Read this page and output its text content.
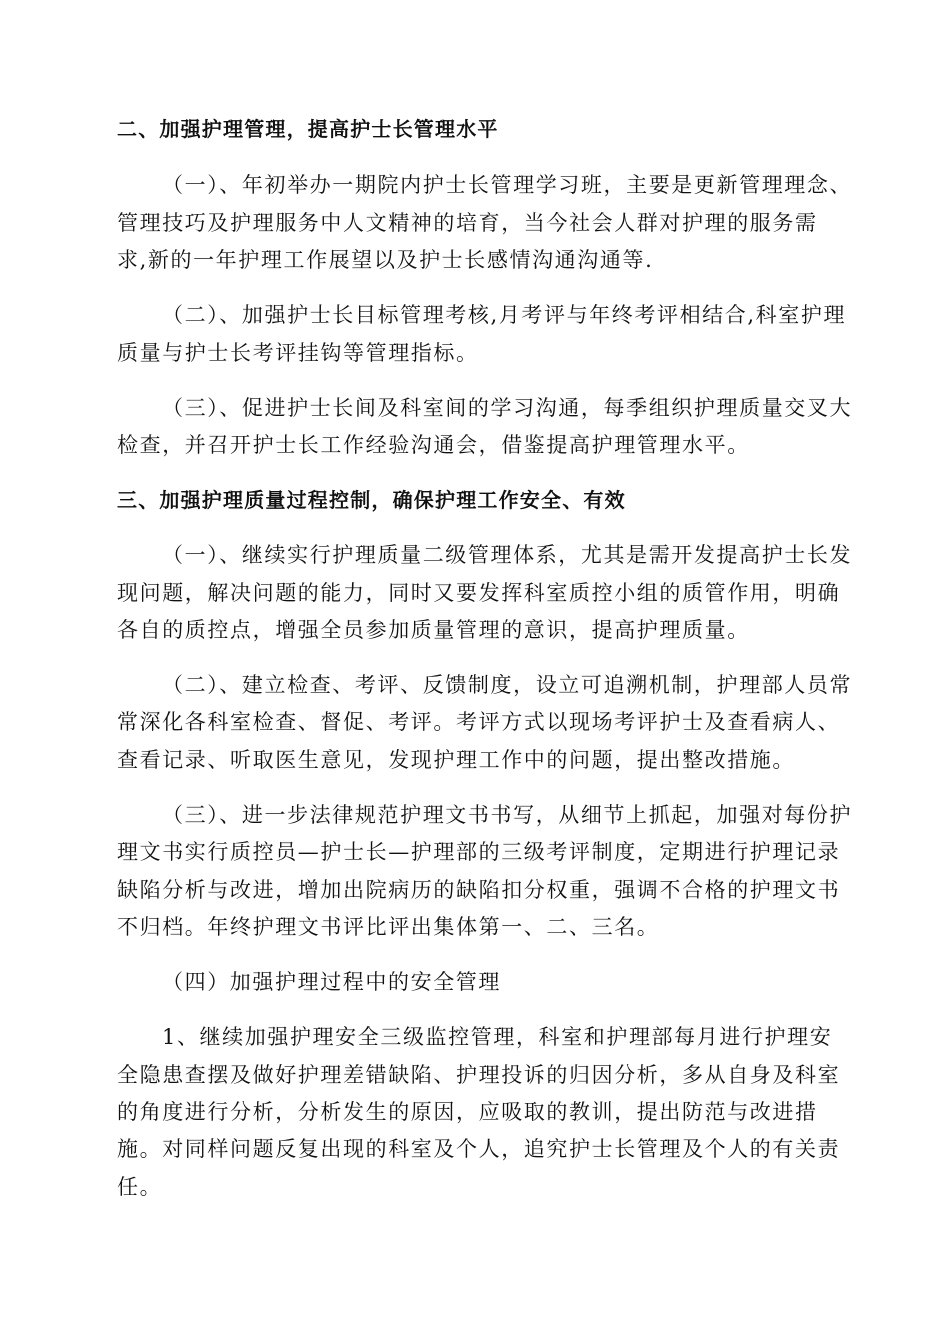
二、加强护理管理，提高护士长管理水平
（一）、年初举办一期院内护士长管理学习班，主要是更新管理理念、
管理技巧及护理服务中人文精神的培育，当今社会人群对护理的服务需
求,新的一年护理工作展望以及护士长感情沟通沟通等.
（二）、加强护士长目标管理考核,月考评与年终考评相结合,科室护理
质量与护士长考评挂钩等管理指标。
（三）、促进护士长间及科室间的学习沟通，每季组织护理质量交叉大
检查，并召开护士长工作经验沟通会，借鉴提高护理管理水平。
三、加强护理质量过程控制，确保护理工作安全、有效
（一）、继续实行护理质量二级管理体系，尤其是需开发提高护士长发
现问题，解决问题的能力，同时又要发挥科室质控小组的质管作用，明确
各自的质控点，增强全员参加质量管理的意识，提高护理质量。
（二）、建立检查、考评、反馈制度，设立可追溯机制，护理部人员常
常深化各科室检查、督促、考评。考评方式以现场考评护士及查看病人、
查看记录、听取医生意见，发现护理工作中的问题，提出整改措施。
（三）、进一步法律规范护理文书书写，从细节上抓起，加强对每份护
理文书实行质控员—护士长—护理部的三级考评制度，定期进行护理记录
缺陷分析与改进，增加出院病历的缺陷扣分权重，强调不合格的护理文书
不归档。年终护理文书评比评出集体第一、二、三名。
（四）加强护理过程中的安全管理
1、继续加强护理安全三级监控管理，科室和护理部每月进行护理安
全隐患查摆及做好护理差错缺陷、护理投诉的归因分析，多从自身及科室
的角度进行分析，分析发生的原因，应吸取的教训，提出防范与改进措
施。对同样问题反复出现的科室及个人，追究护士长管理及个人的有关责
任。
